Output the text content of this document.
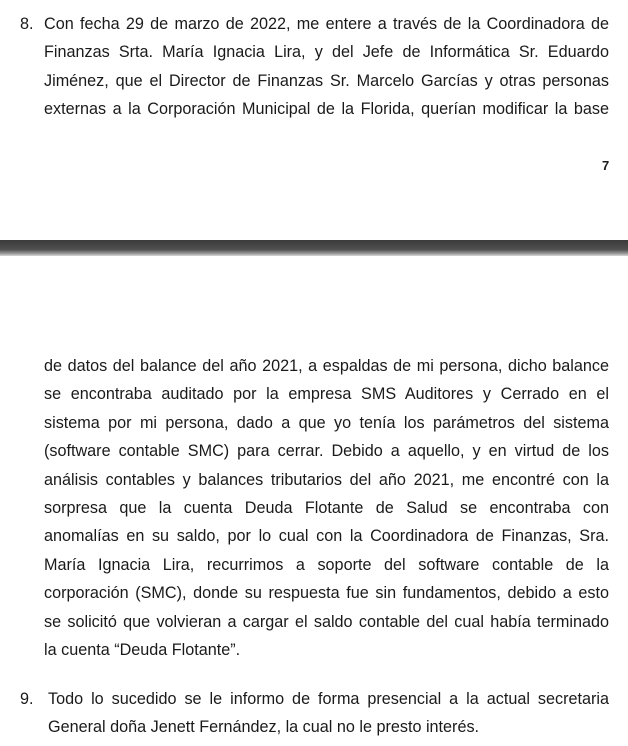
8. Con fecha 29 de marzo de 2022, me entere a través de la Coordinadora de
Finanzas Srta. María Ignacia Lira, y del Jefe de Informática Sr. Eduardo
Jiménez, que el Director de Finanzas Sr. Marcelo Garcías y otras personas
externas a la Corporación Municipal de la Florida, querían modificar la base
7
de datos del balance del año 2021, a espaldas de mi persona, dicho balance
se encontraba auditado por la empresa SMS Auditores y Cerrado en el
sistema por mi persona, dado a que yo tenía los parámetros del sistema
(software contable SMC) para cerrar. Debido a aquello, y en virtud de los
análisis contables y balances tributarios del año 2021, me encontré con la
sorpresa que la cuenta Deuda Flotante de Salud se encontraba con
anomalías en su saldo, por lo cual con la Coordinadora de Finanzas, Sra.
María Ignacia Lira, recurrimos a soporte del software contable de la
corporación (SMC), donde su respuesta fue sin fundamentos, debido a esto
se solicitó que volvieran a cargar el saldo contable del cual había terminado
la cuenta “Deuda Flotante”.
9. Todo lo sucedido se le informo de forma presencial a la actual secretaria
General doña Jenett Fernández, la cual no le presto interés.
